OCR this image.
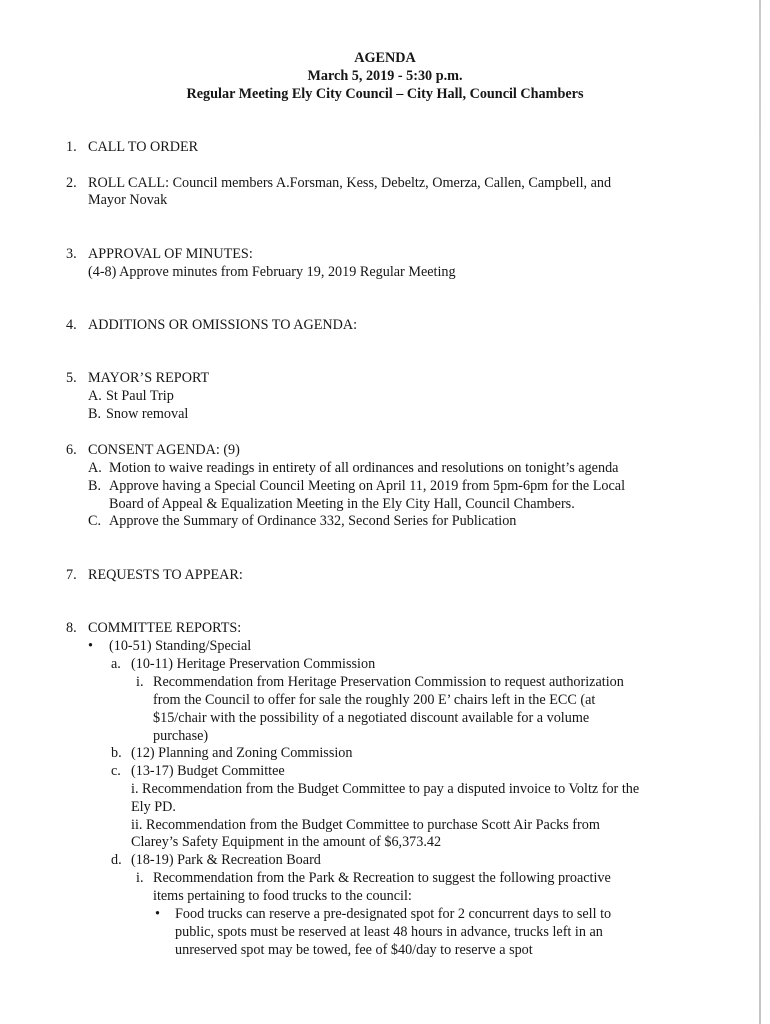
AGENDA
March 5, 2019 - 5:30 p.m.
Regular Meeting Ely City Council – City Hall, Council Chambers
1. CALL TO ORDER
2. ROLL CALL: Council members A.Forsman, Kess, Debeltz, Omerza, Callen, Campbell, and
Mayor Novak
3. APPROVAL OF MINUTES:
(4-8) Approve minutes from February 19, 2019 Regular Meeting
4. ADDITIONS OR OMISSIONS TO AGENDA:
5. MAYOR’S REPORT
A. St Paul Trip
B. Snow removal
6. CONSENT AGENDA: (9)
A. Motion to waive readings in entirety of all ordinances and resolutions on tonight’s agenda
B. Approve having a Special Council Meeting on April 11, 2019 from 5pm-6pm for the Local
Board of Appeal & Equalization Meeting in the Ely City Hall, Council Chambers.
C. Approve the Summary of Ordinance 332, Second Series for Publication
7. REQUESTS TO APPEAR:
8. COMMITTEE REPORTS:
• (10-51) Standing/Special
a. (10-11) Heritage Preservation Commission
i. Recommendation from Heritage Preservation Commission to request authorization
from the Council to offer for sale the roughly 200 E’ chairs left in the ECC (at
$15/chair with the possibility of a negotiated discount available for a volume
purchase)
b. (12) Planning and Zoning Commission
c. (13-17) Budget Committee
i. Recommendation from the Budget Committee to pay a disputed invoice to Voltz for the
Ely PD.
ii. Recommendation from the Budget Committee to purchase Scott Air Packs from
Clarey’s Safety Equipment in the amount of $6,373.42
d. (18-19) Park & Recreation Board
i. Recommendation from the Park & Recreation to suggest the following proactive
items pertaining to food trucks to the council:
• Food trucks can reserve a pre-designated spot for 2 concurrent days to sell to
public, spots must be reserved at least 48 hours in advance, trucks left in an
unreserved spot may be towed, fee of $40/day to reserve a spot
